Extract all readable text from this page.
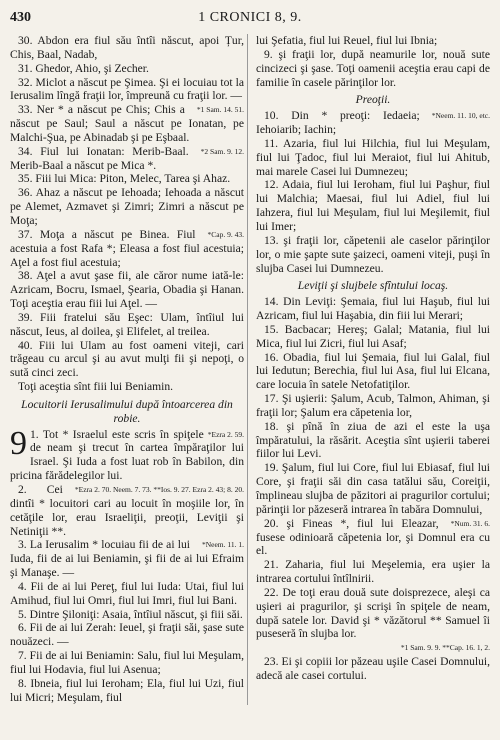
430	1 CRONICI 8, 9.

30. Abdon era fiul său întîi născut, apoi Țur, Chis, Baal, Nadab,

31. Ghedor, Ahio, şi Zecher.

32. Miclot a născut pe Şimea. Şi ei locuiau tot la Ierusalim lîngă fraţii lor, împreună cu fraţii lor. —

*1 Sam. 14. 51.
33. Ner * a născut pe Chis; Chis a născut pe Saul; Saul a născut pe Ionatan, pe Malchi-Şua, pe Abinadab şi pe Eşbaal.

*2 Sam. 9. 12.
34. Fiul lui Ionatan: Merib-Baal. Merib-Baal a născut pe Mica *.

35. Fiii lui Mica: Piton, Melec, Tarea şi Ahaz.

36. Ahaz a născut pe Iehoada; Iehoada a născut pe Alemet, Azmavet şi Zimri; Zimri a născut pe Moţa;

*Cap. 9. 43.
37. Moţa a născut pe Binea. Fiul acestuia a fost Rafa *; Eleasa a fost fiul acestuia; Aţel a fost fiul acestuia;

38. Aţel a avut şase fii, ale căror nume iată-le: Azricam, Bocru, Ismael, Şearia, Obadia şi Hanan. Toţi aceştia erau fiii lui Aţel. —

39. Fiii fratelui său Eşec: Ulam, întîiul lui născut, Ieus, al doilea, şi Elifelet, al treilea.

40. Fiii lui Ulam au fost oameni viteji, cari trăgeau cu arcul şi au avut mulţi fii şi nepoţi, o sută cinci zeci.

Toţi aceştia sînt fiii lui Beniamin.

Locuitorii Ierusalimului după întoarcerea din robie.

9	*Ezra 2. 59.
1. Tot * Israelul este scris în spiţele de neam şi trecut în cartea împăraţilor lui Israel. Şi Iuda a fost luat rob în Babilon, din pricina fărădelegilor lui.

*Ezra 2. 70. Neem. 7. 73. **Ios. 9. 27. Ezra 2. 43; 8. 20.
2. Cei dintîi * locuitori cari au locuit în moşiile lor, în cetăţile lor, erau Israeliţii, preoţii, Leviţii şi Netiniţii **.

*Neem. 11. 1.
3. La Ierusalim * locuiau fii de ai lui Iuda, fii de ai lui Beniamin, şi fii de ai lui Efraim şi Manaşe. —

4. Fii de ai lui Pereţ, fiul lui Iuda: Utai, fiul lui Amihud, fiul lui Omri, fiul lui Imri, fiul lui Bani.

5. Dintre Şiloniţi: Asaia, întîiul născut, şi fiii săi.

6. Fii de ai lui Zerah: Ieuel, şi fraţii săi, şase sute nouăzeci. —

7. Fii de ai lui Beniamin: Salu, fiul lui Meşulam, fiul lui Hodavia, fiul lui Asenua;

8. Ibneia, fiul lui Ieroham; Ela, fiul lui Uzi, fiul lui Micri; Meşulam, fiul

lui Şefatia, fiul lui Reuel, fiul lui Ibnia;

9. şi fraţii lor, după neamurile lor, nouă sute cincizeci şi şase. Toţi oamenii aceştia erau capi de familie în casele părinţilor lor.

Preoţii.

*Neem. 11. 10, etc.
10. Din * preoţi: Iedaeia; Iehoiarib; Iachin;

11. Azaria, fiul lui Hilchia, fiul lui Meşulam, fiul lui Ţadoc, fiul lui Meraiot, fiul lui Ahitub, mai marele Casei lui Dumnezeu;

12. Adaia, fiul lui Ieroham, fiul lui Paşhur, fiul lui Malchia; Maesai, fiul lui Adiel, fiul lui Iahzera, fiul lui Meşulam, fiul lui Meşilemit, fiul lui Imer;

13. şi fraţii lor, căpetenii ale caselor părinţilor lor, o mie şapte sute şaizeci, oameni viteji, puşi în slujba Casei lui Dumnezeu.

Leviţii şi slujbele sfîntului locaş.

14. Din Leviţi: Şemaia, fiul lui Haşub, fiul lui Azricam, fiul lui Haşabia, din fiii lui Merari;

15. Bacbacar; Hereş; Galal; Matania, fiul lui Mica, fiul lui Zicri, fiul lui Asaf;

16. Obadia, fiul lui Şemaia, fiul lui Galal, fiul lui Iedutun; Berechia, fiul lui Asa, fiul lui Elcana, care locuia în satele Netofatiţilor.

17. Şi uşierii: Şalum, Acub, Talmon, Ahiman, şi fraţii lor; Şalum era căpetenia lor,

18. şi pînă în ziua de azi el este la uşa împăratului, la răsărit. Aceştia sînt uşierii taberei fiilor lui Levi.

19. Şalum, fiul lui Core, fiul lui Ebiasaf, fiul lui Core, şi fraţii săi din casa tatălui său, Coreiţii, împlineau slujba de păzitori ai pragurilor cortului; părinţii lor păzeseră intrarea în tabăra Domnului,

*Num. 31. 6.
20. şi Fineas *, fiul lui Eleazar, fusese odinioară căpetenia lor, şi Domnul era cu el.

21. Zaharia, fiul lui Meşelemia, era uşier la intrarea cortului întîlnirii.

22. De toţi erau două sute doisprezece, aleşi ca uşieri ai pragurilor, şi scrişi în spiţele de neam, după satele lor. David şi * văzătorul ** Samuel îi puseseră în slujba lor.

*1 Sam. 9. 9. **Cap. 16. 1, 2.

23. Ei şi copiii lor păzeau uşile Casei Domnului, adecă ale casei cortului.
